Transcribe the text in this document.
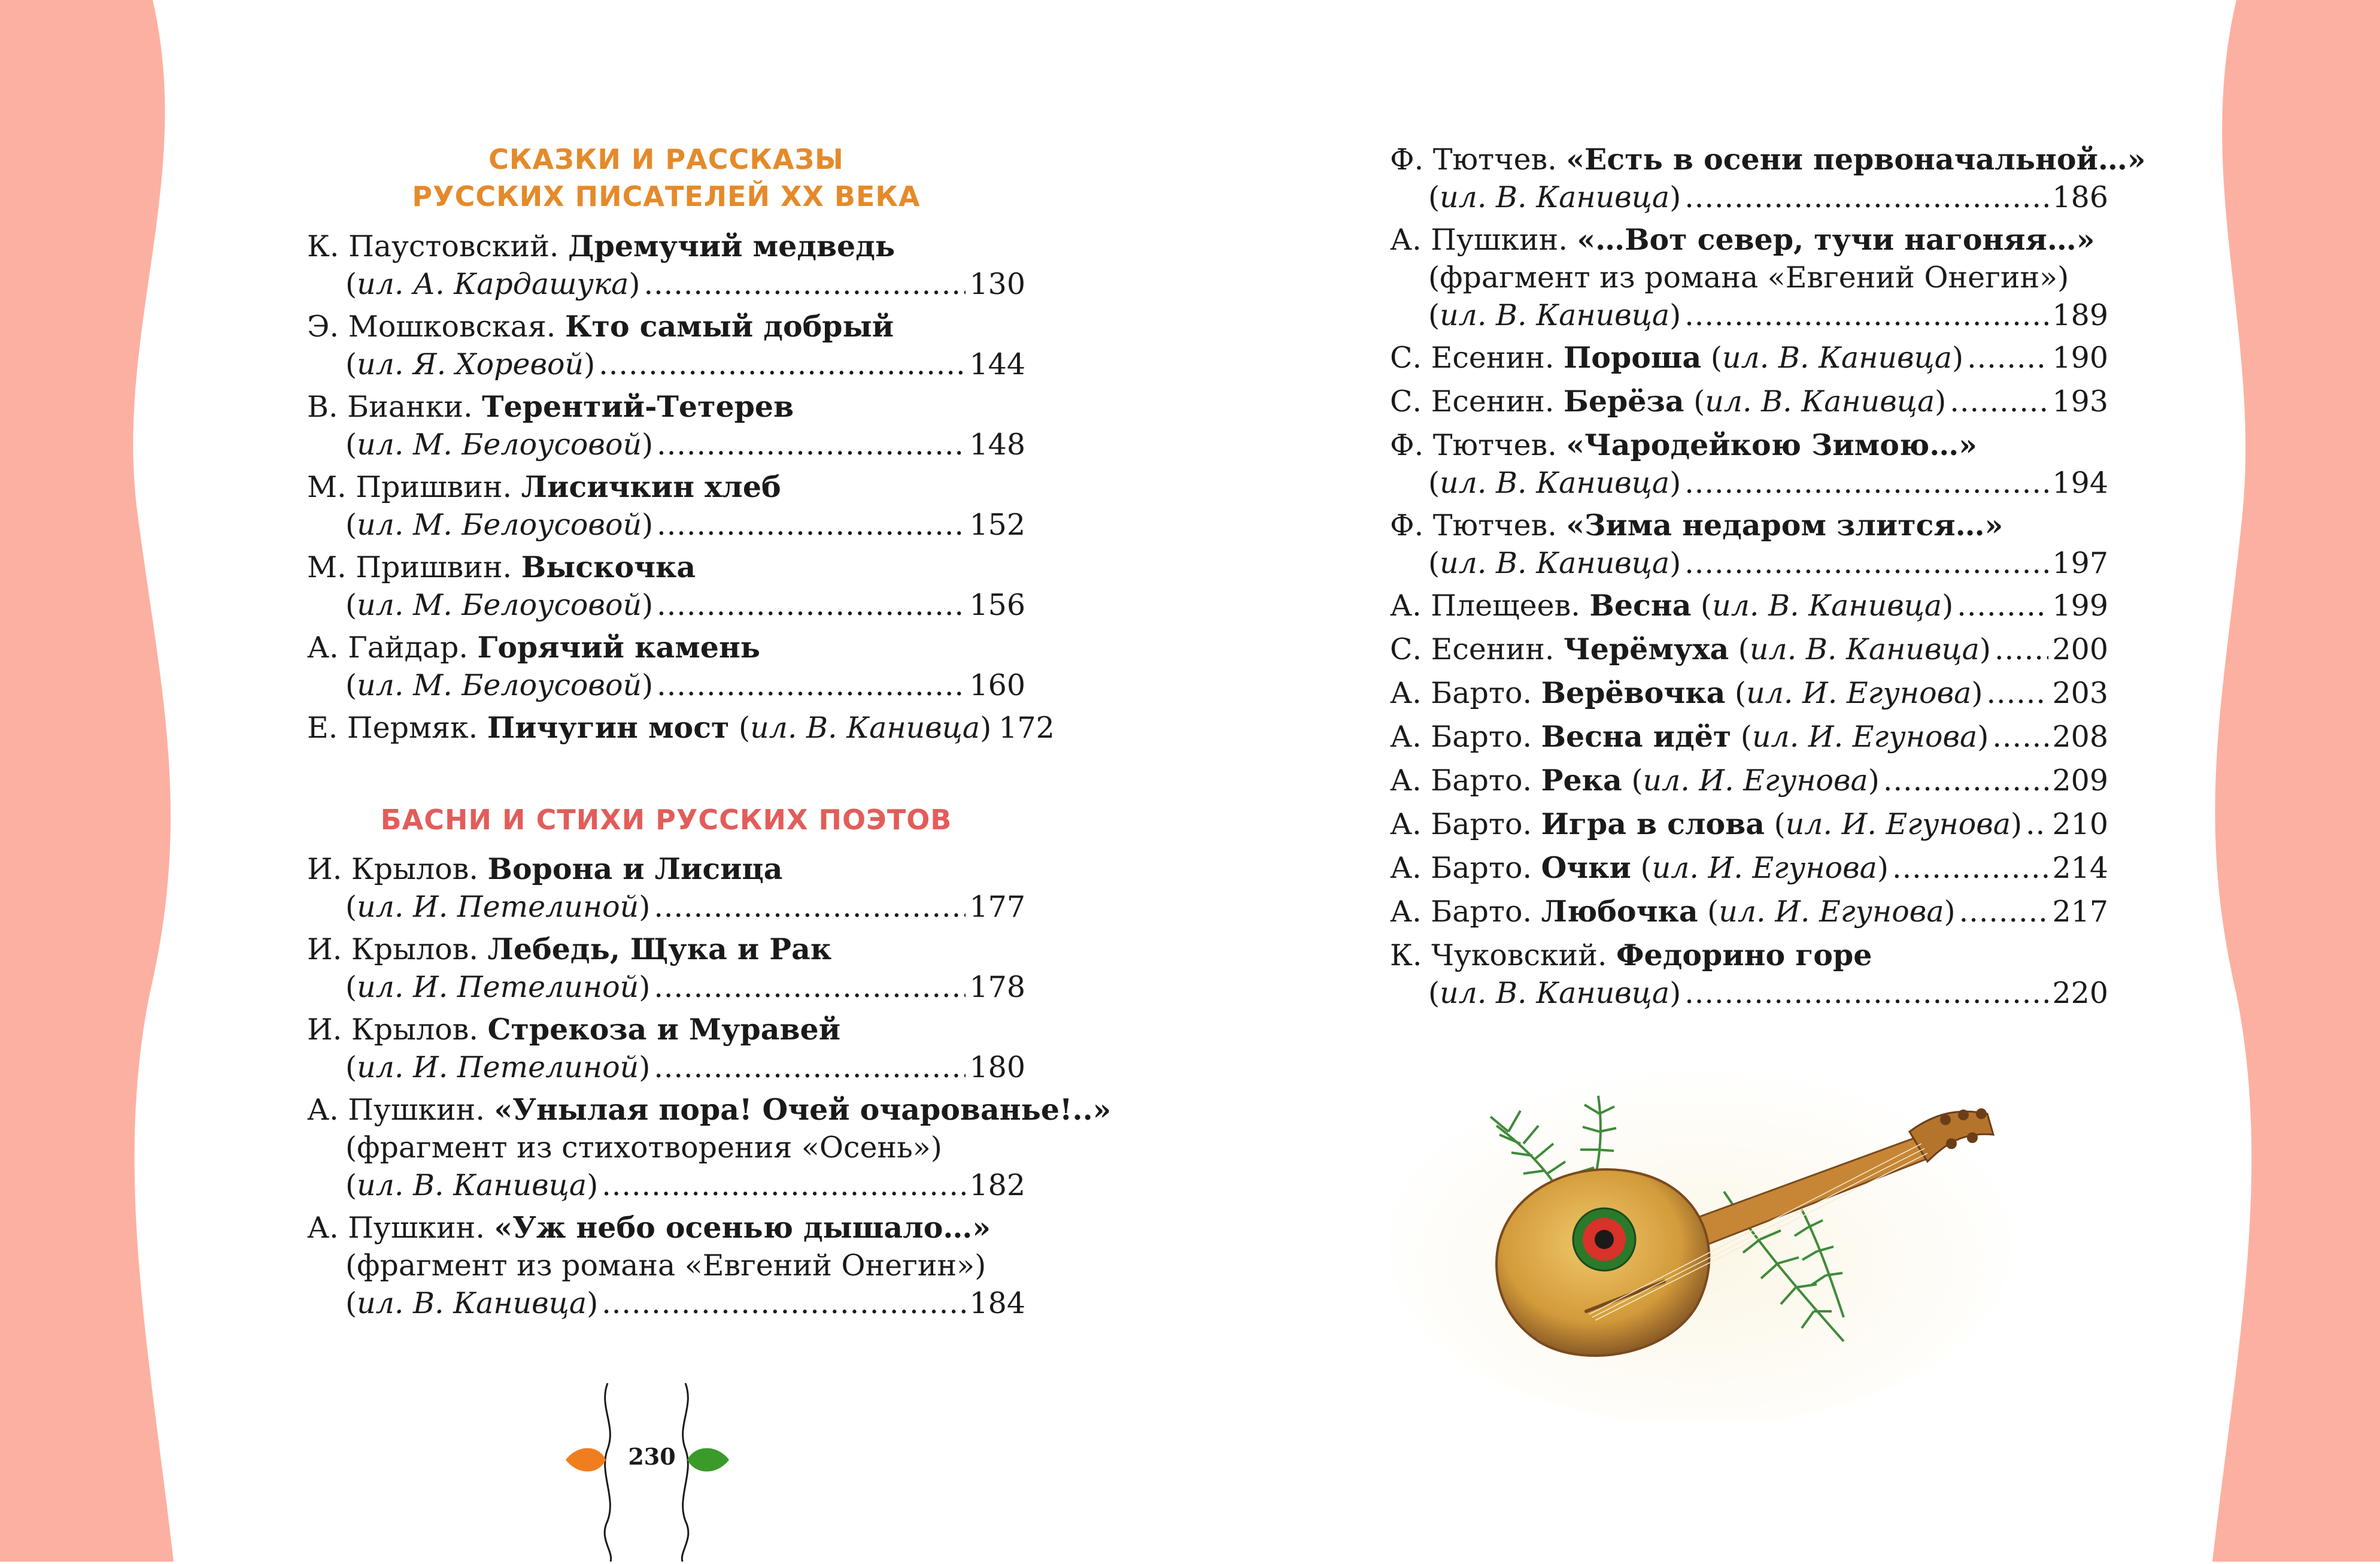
СКАЗКИ И РАССКАЗЫ

РУССКИХ ПИСАТЕЛЕЙ XX ВЕКА

К. Паустовский. Дремучий медведь
(ил. А. Кардашука) .....	130
Э. Мошковская. Кто самый добрый
(ил. Я. Хоревой) .....	144
В. Бианки. Терентий-Тетерев
(ил. М. Белоусовой) .....	148
М. Пришвин. Лисичкин хлеб
(ил. М. Белоусовой) .....	152
М. Пришвин. Выскочка
(ил. М. Белоусовой) .....	156
А. Гайдар. Горячий камень
(ил. М. Белоусовой) .....	160
Е. Пермяк. Пичугин мост (ил. В. Канивца) 172

БАСНИ И СТИХИ РУССКИХ ПОЭТОВ

И. Крылов. Ворона и Лисица
(ил. И. Петелиной) .....	177
И. Крылов. Лебедь, Щука и Рак
(ил. И. Петелиной) .....	178
И. Крылов. Стрекоза и Муравей
(ил. И. Петелиной) .....	180
А. Пушкин. «Унылая пора! Очей очарованье!..»
(фрагмент из стихотворения «Осень»)
(ил. В. Канивца) .....	182
А. Пушкин. «Уж небо осенью дышало…»
(фрагмент из романа «Евгений Онегин»)
(ил. В. Канивца) .....	184
230
Ф. Тютчев. «Есть в осени первоначальной…»
(ил. В. Канивца) .....	186
А. Пушкин. «…Вот север, тучи нагоняя…»
(фрагмент из романа «Евгений Онегин»)
(ил. В. Канивца) .....	189
С. Есенин. Пороша (ил. В. Канивца) .....	190
С. Есенин. Берёза (ил. В. Канивца) .....	193
Ф. Тютчев. «Чародейкою Зимою…»
(ил. В. Канивца) .....	194
Ф. Тютчев. «Зима недаром злится…»
(ил. В. Канивца) .....	197
А. Плещеев. Весна (ил. В. Канивца) .....	199
С. Есенин. Черёмуха (ил. В. Канивца) ..... 200
А. Барто. Верёвочка (ил. И. Егунова) ..... 203
А. Барто. Весна идёт (ил. И. Егунова) ..... 208
А. Барто. Река (ил. И. Егунова) .....	209
А. Барто. Игра в слова (ил. И. Егунова) ..... 210
А. Барто. Очки (ил. И. Егунова) .....	214
А. Барто. Любочка (ил. И. Егунова) .....	217
К. Чуковский. Федорино горе
(ил. В. Канивца) .....	220
